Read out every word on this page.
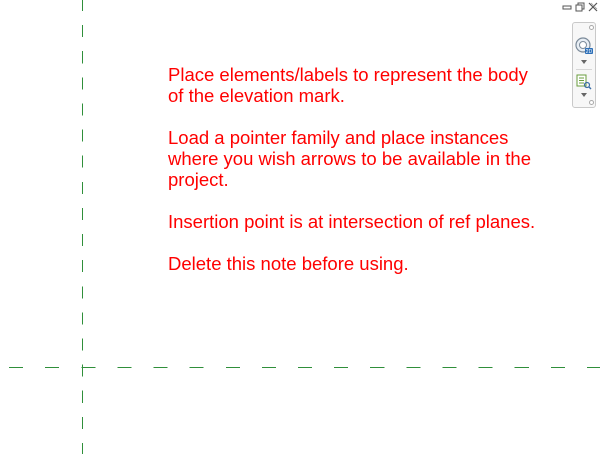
Place elements/labels to represent the body of the elevation mark.

Load a pointer family and place instances where you wish arrows to be available in the project.

Insertion point is at intersection of ref planes.

Delete this note before using.

2D
